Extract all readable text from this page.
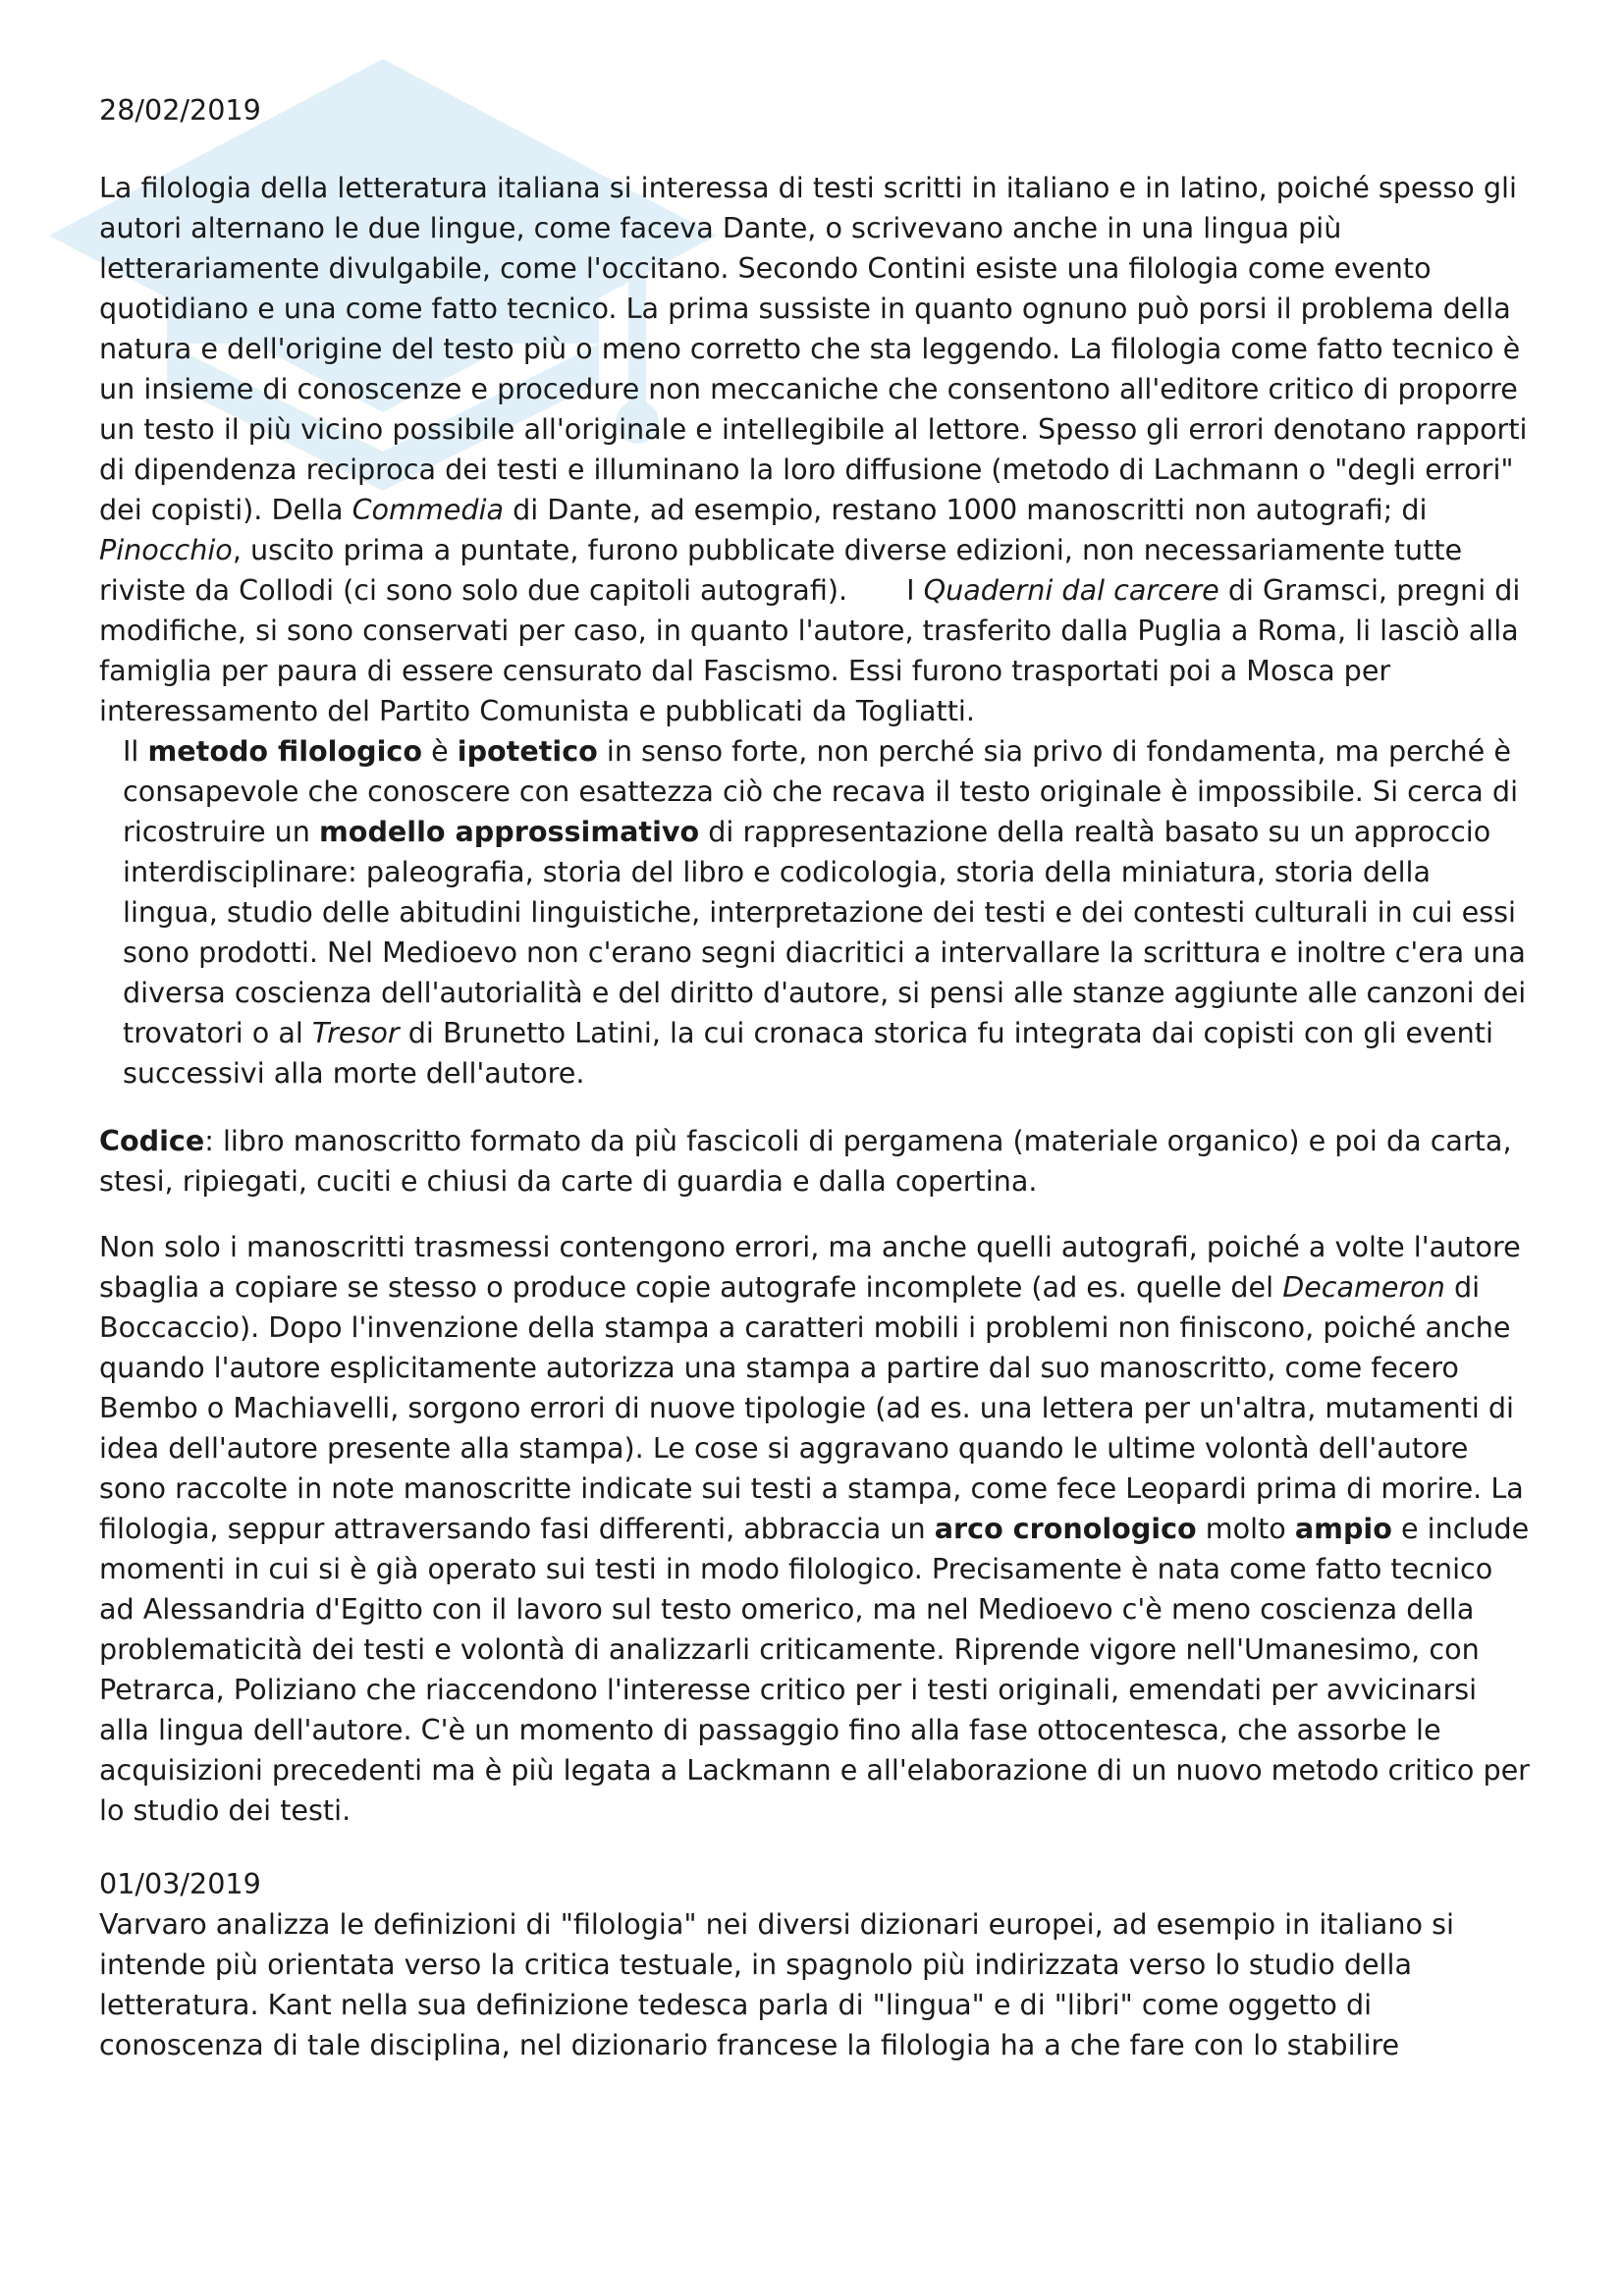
28/02/2019

La filologia della letteratura italiana si interessa di testi scritti in italiano e in latino, poiché spesso gli autori alternano le due lingue, come faceva Dante, o scrivevano anche in una lingua più letterariamente divulgabile, come l'occitano. Secondo Contini esiste una filologia come evento quotidiano e una come fatto tecnico. La prima sussiste in quanto ognuno può porsi il problema della natura e dell'origine del testo più o meno corretto che sta leggendo. La filologia come fatto tecnico è un insieme di conoscenze e procedure non meccaniche che consentono all'editore critico di proporre un testo il più vicino possibile all'originale e intellegibile al lettore. Spesso gli errori denotano rapporti di dipendenza reciproca dei testi e illuminano la loro diffusione (metodo di Lachmann o "degli errori" dei copisti). Della Commedia di Dante, ad esempio, restano 1000 manoscritti non autografi; di Pinocchio, uscito prima a puntate, furono pubblicate diverse edizioni, non necessariamente tutte riviste da Collodi (ci sono solo due capitoli autografi). I Quaderni dal carcere di Gramsci, pregni di modifiche, si sono conservati per caso, in quanto l'autore, trasferito dalla Puglia a Roma, li lasciò alla famiglia per paura di essere censurato dal Fascismo. Essi furono trasportati poi a Mosca per interessamento del Partito Comunista e pubblicati da Togliatti.

Il metodo filologico è ipotetico in senso forte, non perché sia privo di fondamenta, ma perché è consapevole che conoscere con esattezza ciò che recava il testo originale è impossibile. Si cerca di ricostruire un modello approssimativo di rappresentazione della realtà basato su un approccio interdisciplinare: paleografia, storia del libro e codicologia, storia della miniatura, storia della lingua, studio delle abitudini linguistiche, interpretazione dei testi e dei contesti culturali in cui essi sono prodotti. Nel Medioevo non c'erano segni diacritici a intervallare la scrittura e inoltre c'era una diversa coscienza dell'autorialità e del diritto d'autore, si pensi alle stanze aggiunte alle canzoni dei trovatori o al Tresor di Brunetto Latini, la cui cronaca storica fu integrata dai copisti con gli eventi successivi alla morte dell'autore.

Codice: libro manoscritto formato da più fascicoli di pergamena (materiale organico) e poi da carta, stesi, ripiegati, cuciti e chiusi da carte di guardia e dalla copertina.

Non solo i manoscritti trasmessi contengono errori, ma anche quelli autografi, poiché a volte l'autore sbaglia a copiare se stesso o produce copie autografe incomplete (ad es. quelle del Decameron di Boccaccio). Dopo l'invenzione della stampa a caratteri mobili i problemi non finiscono, poiché anche quando l'autore esplicitamente autorizza una stampa a partire dal suo manoscritto, come fecero Bembo o Machiavelli, sorgono errori di nuove tipologie (ad es. una lettera per un'altra, mutamenti di idea dell'autore presente alla stampa). Le cose si aggravano quando le ultime volontà dell'autore sono raccolte in note manoscritte indicate sui testi a stampa, come fece Leopardi prima di morire. La filologia, seppur attraversando fasi differenti, abbraccia un arco cronologico molto ampio e include momenti in cui si è già operato sui testi in modo filologico. Precisamente è nata come fatto tecnico ad Alessandria d'Egitto con il lavoro sul testo omerico, ma nel Medioevo c'è meno coscienza della problematicità dei testi e volontà di analizzarli criticamente. Riprende vigore nell'Umanesimo, con Petrarca, Poliziano che riaccendono l'interesse critico per i testi originali, emendati per avvicinarsi alla lingua dell'autore. C'è un momento di passaggio fino alla fase ottocentesca, che assorbe le acquisizioni precedenti ma è più legata a Lackmann e all'elaborazione di un nuovo metodo critico per lo studio dei testi.

01/03/2019

Varvaro analizza le definizioni di "filologia" nei diversi dizionari europei, ad esempio in italiano si intende più orientata verso la critica testuale, in spagnolo più indirizzata verso lo studio della letteratura. Kant nella sua definizione tedesca parla di "lingua" e di "libri" come oggetto di conoscenza di tale disciplina, nel dizionario francese la filologia ha a che fare con lo stabilire
